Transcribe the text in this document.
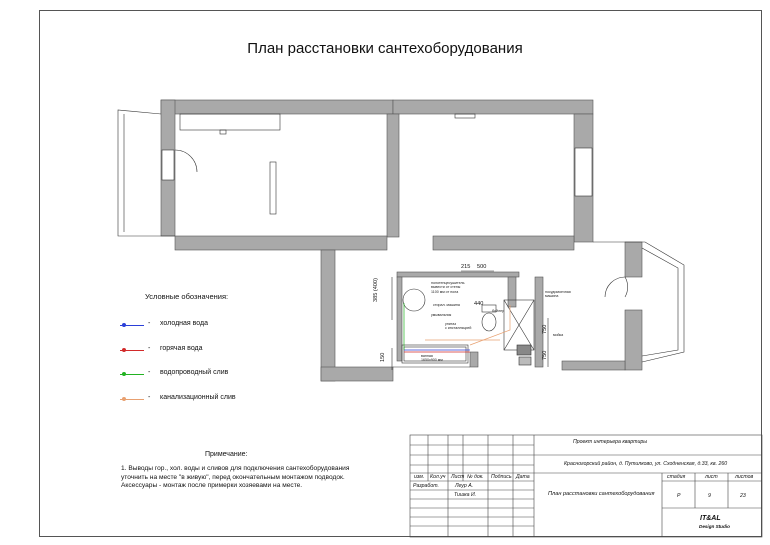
План расстановки сантехоборудования
Условные обозначения:
- холодная вода
- горячая вода
- водопроводный слив
- канализационный слив
Примечание:
1. Выводы гор., хол. воды и сливов для подключения сантехоборудования уточнить на месте "в живую", перед окончательным монтажом подводок. Аксессуары - монтаж после примерки хозяевами на месте.
215 500
440
385 (400)
150
750
750
полотенцесушитель
вывести от стены
1100 мм от пола
стирал. машина
умывальник
бойлер
унитаз
с инсталляцией
ванная
1650х900 мм
посудомоечная
машина
мойка
Проект интерьера квартиры
Красногорский район, д. Путилково, ул. Сходненская, д.33, кв. 260
изм. Кол.уч Лист № док. Подпись Дата
Разработ.	Леур А.
Тишка И.	План расстановки сантехоборудования
стадия	лист	листов
Р	9	23
IT&AL
Design Studio
